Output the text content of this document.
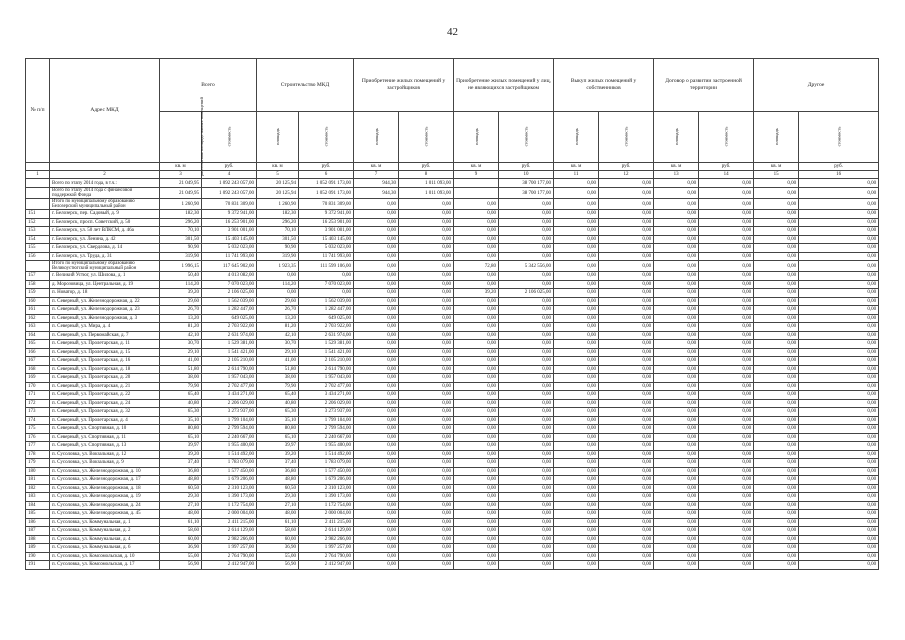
42
№ п/п	Адрес МКД	Всего		Строительство МКД		Приобретение жилых помещений у застройщиков		Приобретение жилых помещений у лиц, не являющихся застройщиком		Выкуп жилых помещений у собственников		Договор о развитии застроенной территории		Другое	
		расселяемая площадь жилых помещений	стоимость	площадь	стоимость	площадь	стоимость	площадь	стоимость	площадь	стоимость	площадь	стоимость	площадь	стоимость
		кв. м	руб.	кв. м	руб.	кв. м	руб.	кв. м	руб.	кв. м	руб.	кв. м	руб.	кв. м	руб.
1	2	3	4	5	6	7	8	9	10	11	12	13	14	15	16
	Всего по этапу 2014 года, в т.ч.:	21 049,95	1 092 243 057,00	20 125,94	1 052 091 173,00	944,30	1 011 093,00		38 700 177,00	0,00	0,00	0,00	0,00	0,00	0,00
	Всего по этапу 2014 года с финансовой поддержкой Фонда	21 049,95	1 092 243 057,00	20 125,94	1 052 091 173,00	944,30	1 011 093,00		38 700 177,00	0,00	0,00	0,00	0,00	0,00	0,00
	Итого по муниципальному образованию Белозерский муниципальный район	1 260,90	70 831 309,00	1 260,90	70 831 309,00	0,00	0,00	0,00	0,00	0,00	0,00	0,00	0,00	0,00	0,00
151	г. Белозерск, пер. Садовый, д. 9	182,30	9 372 941,00	182,30	9 372 941,00	0,00	0,00	0,00	0,00	0,00	0,00	0,00	0,00	0,00	0,00
152	г. Белозерск, просп. Советский, д. 50	296,20	16 253 901,00	296,20	16 253 901,00	0,00	0,00	0,00	0,00	0,00	0,00	0,00	0,00	0,00	0,00
153	г. Белозерск, ул. 50 лет ВЛКСМ, д. 46а	70,10	3 901 001,00	70,10	3 901 001,00	0,00	0,00	0,00	0,00	0,00	0,00	0,00	0,00	0,00	0,00
154	г. Белозерск, ул. Ленина, д. 42	301,50	15 403 145,00	301,50	15 403 145,00	0,00	0,00	0,00	0,00	0,00	0,00	0,00	0,00	0,00	0,00
155	г. Белозерск, ул. Свердлова, д. 14	90,90	5 032 023,00	90,90	5 032 023,00	0,00	0,00	0,00	0,00	0,00	0,00	0,00	0,00	0,00	0,00
156	г. Белозерск, ул. Труда, д. 31	319,90	11 741 993,00	319,90	11 741 993,00	0,00	0,00	0,00	0,00	0,00	0,00	0,00	0,00	0,00	0,00
	Итого по муниципальному образованию Великоустюгский муниципальный район	1 996,15	117 645 902,00	1 923,35	111 599 106,00	0,00	0,00	72,80	5 342 556,00	0,00	0,00	0,00	0,00	0,00	0,00
157	г. Великий Устюг, ул. Шилова, д. 1	50,40	4 013 082,00	0,00	0,00	0,00	0,00	0,00	0,00	0,00	0,00	0,00	0,00	0,00	0,00
158	д. Морозовица, ул. Центральная, д. 19	114,20	7 070 023,00	114,20	7 070 023,00	0,00	0,00	0,00	0,00	0,00	0,00	0,00	0,00	0,00	0,00
159	п. Новатор, д. 18	39,20	2 106 025,00	0,00	0,00	0,00	0,00	39,20	2 106 025,00	0,00	0,00	0,00	0,00	0,00	0,00
160	п. Северный, ул. Железнодорожная, д. 22	29,60	1 562 039,00	29,60	1 562 039,00	0,00	0,00	0,00	0,00	0,00	0,00	0,00	0,00	0,00	0,00
161	п. Северный, ул. Железнодорожная, д. 23	26,70	1 282 447,00	26,70	1 282 447,00	0,00	0,00	0,00	0,00	0,00	0,00	0,00	0,00	0,00	0,00
162	п. Северный, ул. Железнодорожная, д. 3	13,20	649 025,00	13,20	649 025,00	0,00	0,00	0,00	0,00	0,00	0,00	0,00	0,00	0,00	0,00
163	п. Северный, ул. Мира, д. 4	81,20	2 703 922,00	81,20	2 703 922,00	0,00	0,00	0,00	0,00	0,00	0,00	0,00	0,00	0,00	0,00
164	п. Северный, ул. Первомайская, д. 7	42,10	2 631 974,00	42,10	2 631 974,00	0,00	0,00	0,00	0,00	0,00	0,00	0,00	0,00	0,00	0,00
165	п. Северный, ул. Пролетарская, д. 11	30,70	1 529 381,00	30,70	1 529 381,00	0,00	0,00	0,00	0,00	0,00	0,00	0,00	0,00	0,00	0,00
166	п. Северный, ул. Пролетарская, д. 15	29,10	1 541 421,00	29,10	1 541 421,00	0,00	0,00	0,00	0,00	0,00	0,00	0,00	0,00	0,00	0,00
167	п. Северный, ул. Пролетарская, д. 16	41,00	2 105 210,00	41,00	2 105 210,00	0,00	0,00	0,00	0,00	0,00	0,00	0,00	0,00	0,00	0,00
168	п. Северный, ул. Пролетарская, д. 18	51,80	2 614 790,00	51,80	2 614 790,00	0,00	0,00	0,00	0,00	0,00	0,00	0,00	0,00	0,00	0,00
169	п. Северный, ул. Пролетарская, д. 20	38,00	1 957 043,00	38,00	1 957 043,00	0,00	0,00	0,00	0,00	0,00	0,00	0,00	0,00	0,00	0,00
170	п. Северный, ул. Пролетарская, д. 21	79,90	2 702 477,00	79,90	2 702 477,00	0,00	0,00	0,00	0,00	0,00	0,00	0,00	0,00	0,00	0,00
171	п. Северный, ул. Пролетарская, д. 22	65,40	3 434 271,00	65,40	3 434 271,00	0,00	0,00	0,00	0,00	0,00	0,00	0,00	0,00	0,00	0,00
172	п. Северный, ул. Пролетарская, д. 24	40,80	2 206 029,00	40,80	2 206 029,00	0,00	0,00	0,00	0,00	0,00	0,00	0,00	0,00	0,00	0,00
173	п. Северный, ул. Пролетарская, д. 32	65,30	3 273 937,00	65,30	3 273 937,00	0,00	0,00	0,00	0,00	0,00	0,00	0,00	0,00	0,00	0,00
174	п. Северный, ул. Пролетарская, д. 4	35,10	1 799 104,00	35,10	1 799 104,00	0,00	0,00	0,00	0,00	0,00	0,00	0,00	0,00	0,00	0,00
175	п. Северный, ул. Спортивная, д. 10	80,80	2 799 594,00	80,80	2 799 594,00	0,00	0,00	0,00	0,00	0,00	0,00	0,00	0,00	0,00	0,00
176	п. Северный, ул. Спортивная, д. 11	65,10	2 240 667,00	65,10	2 240 667,00	0,00	0,00	0,00	0,00	0,00	0,00	0,00	0,00	0,00	0,00
177	п. Северный, ул. Спортивная, д. 13	39,97	1 955 400,00	39,97	1 955 400,00	0,00	0,00	0,00	0,00	0,00	0,00	0,00	0,00	0,00	0,00
178	п. Сусоловка, ул. Вокзальная, д. 12	39,20	1 514 492,00	39,20	1 514 492,00	0,00	0,00	0,00	0,00	0,00	0,00	0,00	0,00	0,00	0,00
179	п. Сусоловка, ул. Вокзальная, д. 9	37,40	1 783 079,00	37,40	1 783 079,00	0,00	0,00	0,00	0,00	0,00	0,00	0,00	0,00	0,00	0,00
180	п. Сусоловка, ул. Железнодорожная, д. 10	36,80	1 577 450,00	36,80	1 577 450,00	0,00	0,00	0,00	0,00	0,00	0,00	0,00	0,00	0,00	0,00
181	п. Сусоловка, ул. Железнодорожная, д. 17	48,80	1 679 206,00	48,80	1 679 206,00	0,00	0,00	0,00	0,00	0,00	0,00	0,00	0,00	0,00	0,00
182	п. Сусоловка, ул. Железнодорожная, д. 18	60,50	2 310 123,00	60,50	2 310 123,00	0,00	0,00	0,00	0,00	0,00	0,00	0,00	0,00	0,00	0,00
183	п. Сусоловка, ул. Железнодорожная, д. 19	29,30	1 390 173,00	29,30	1 390 173,00	0,00	0,00	0,00	0,00	0,00	0,00	0,00	0,00	0,00	0,00
184	п. Сусоловка, ул. Железнодорожная, д. 24	27,10	1 172 754,00	27,10	1 172 754,00	0,00	0,00	0,00	0,00	0,00	0,00	0,00	0,00	0,00	0,00
185	п. Сусоловка, ул. Железнодорожная, д. 45	48,00	2 000 004,00	48,00	2 000 004,00	0,00	0,00	0,00	0,00	0,00	0,00	0,00	0,00	0,00	0,00
186	п. Сусоловка, ул. Коммунальная, д. 1	61,10	2 411 215,00	61,10	2 411 215,00	0,00	0,00	0,00	0,00	0,00	0,00	0,00	0,00	0,00	0,00
187	п. Сусоловка, ул. Коммунальная, д. 2	58,60	2 614 129,00	58,60	2 614 129,00	0,00	0,00	0,00	0,00	0,00	0,00	0,00	0,00	0,00	0,00
188	п. Сусоловка, ул. Коммунальная, д. 4	60,00	2 982 266,00	60,00	2 982 266,00	0,00	0,00	0,00	0,00	0,00	0,00	0,00	0,00	0,00	0,00
189	п. Сусоловка, ул. Коммунальная, д. 6	36,90	1 997 257,00	36,90	1 997 257,00	0,00	0,00	0,00	0,00	0,00	0,00	0,00	0,00	0,00	0,00
190	п. Сусоловка, ул. Комсомольская, д. 10	55,00	2 764 790,00	55,00	2 764 790,00	0,00	0,00	0,00	0,00	0,00	0,00	0,00	0,00	0,00	0,00
191	п. Сусоловка, ул. Комсомольская, д. 17	56,90	2 412 947,00	56,90	2 412 947,00	0,00	0,00	0,00	0,00	0,00	0,00	0,00	0,00	0,00	0,00
